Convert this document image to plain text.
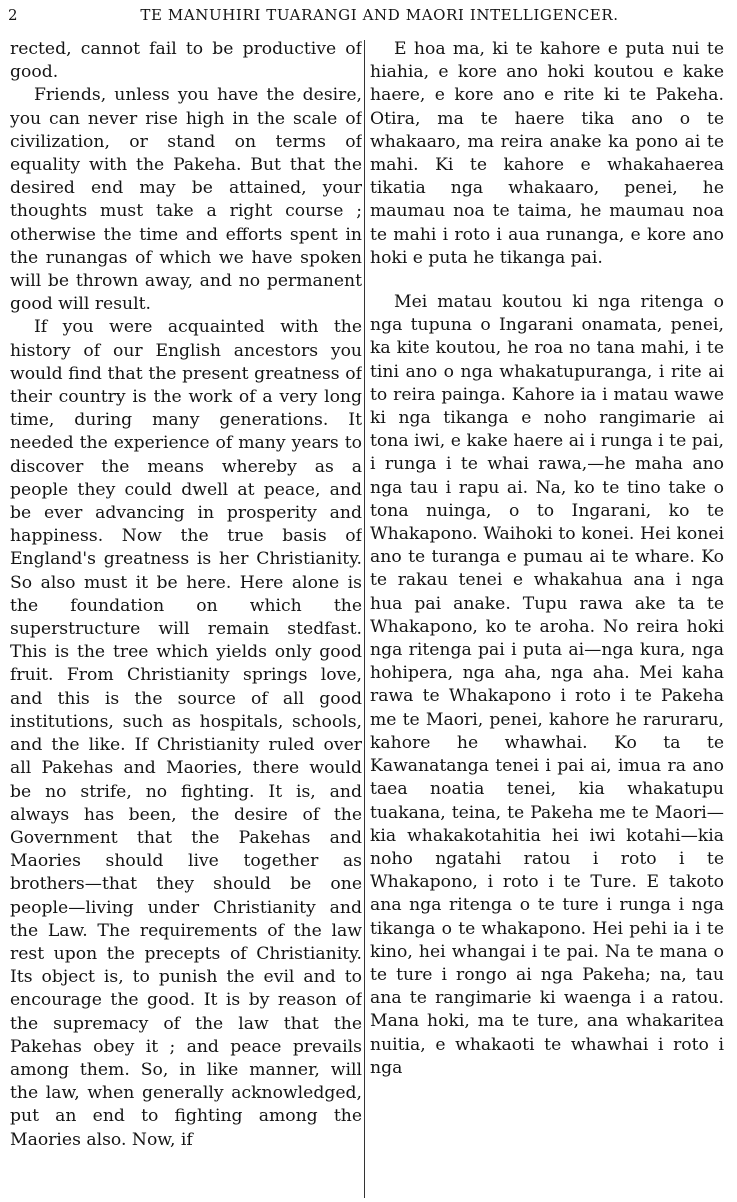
2	TE MANUHIRI TUARANGI AND MAORI INTELLIGENCER.

rected, cannot fail to be productive of good.

Friends, unless you have the desire, you can never rise high in the scale of civilization, or stand on terms of equality with the Pakeha. But that the desired end may be attained, your thoughts must take a right course ; otherwise the time and efforts spent in the runangas of which we have spoken will be thrown away, and no permanent good will result.

If you were acquainted with the history of our English ancestors you would find that the present greatness of their country is the work of a very long time, during many generations. It needed the experience of many years to discover the means whereby as a people they could dwell at peace, and be ever advancing in prosperity and happiness. Now the true basis of England's greatness is her Christianity. So also must it be here. Here alone is the foundation on which the superstructure will remain stedfast. This is the tree which yields only good fruit. From Christianity springs love, and this is the source of all good institutions, such as hospitals, schools, and the like. If Christianity ruled over all Pakehas and Maories, there would be no strife, no fighting. It is, and always has been, the desire of the Government that the Pakehas and Maories should live together as brothers—that they should be one people—living under Christianity and the Law. The requirements of the law rest upon the precepts of Christianity. Its object is, to punish the evil and to encourage the good. It is by reason of the supremacy of the law that the Pakehas obey it ; and peace prevails among them. So, in like manner, will the law, when generally acknowledged, put an end to fighting among the Maories also. Now, if

E hoa ma, ki te kahore e puta nui te hiahia, e kore ano hoki koutou e kake haere, e kore ano e rite ki te Pakeha. Otira, ma te haere tika ano o te whakaaro, ma reira anake ka pono ai te mahi. Ki te kahore e whakahaerea tikatia nga whakaaro, penei, he maumau noa te taima, he maumau noa te mahi i roto i aua runanga, e kore ano hoki e puta he tikanga pai.

Mei matau koutou ki nga ritenga o nga tupuna o Ingarani onamata, penei, ka kite koutou, he roa no tana mahi, i te tini ano o nga whakatupuranga, i rite ai to reira painga. Kahore ia i matau wawe ki nga tikanga e noho rangimarie ai tona iwi, e kake haere ai i runga i te pai, i runga i te whai rawa,—he maha ano nga tau i rapu ai. Na, ko te tino take o tona nuinga, o to Ingarani, ko te Whakapono. Waihoki to konei. Hei konei ano te turanga e pumau ai te whare. Ko te rakau tenei e whakahua ana i nga hua pai anake. Tupu rawa ake ta te Whakapono, ko te aroha. No reira hoki nga ritenga pai i puta ai—nga kura, nga hohipera, nga aha, nga aha. Mei kaha rawa te Whakapono i roto i te Pakeha me te Maori, penei, kahore he raruraru, kahore he whawhai. Ko ta te Kawanatanga tenei i pai ai, imua ra ano taea noatia tenei, kia whakatupu tuakana, teina, te Pakeha me te Maori—kia whakakotahitia hei iwi kotahi—kia noho ngatahi ratou i roto i te Whakapono, i roto i te Ture. E takoto ana nga ritenga o te ture i runga i nga tikanga o te whakapono. Hei pehi ia i te kino, hei whangai i te pai. Na te mana o te ture i rongo ai nga Pakeha; na, tau ana te rangimarie ki waenga i a ratou. Mana hoki, ma te ture, ana whakaritea nuitia, e whakaoti te whawhai i roto i nga
